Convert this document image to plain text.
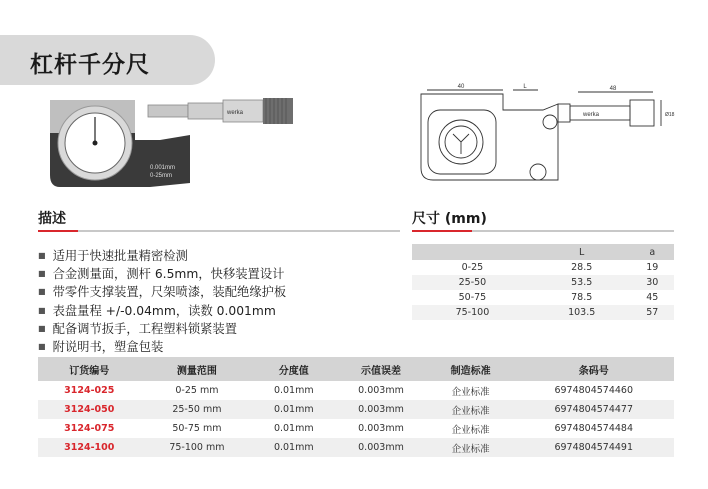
杠杆千分尺
werka
0.001mm
0-25mm
40	L	48
Ø18
werka
描述
■ 适用于快速批量精密检测
■ 合金测量面，测杆 6.5mm，快移装置设计
■ 带零件支撑装置，尺架喷漆，装配绝缘护板
■ 表盘量程 +/-0.04mm，读数 0.001mm
■ 配备调节扳手，工程塑料锁紧装置
■ 附说明书，塑盒包装
尺寸 (mm)
	L	a
0-25	28.5	19
25-50	53.5	30
50-75	78.5	45
75-100	103.5	57
订货编号	测量范围	分度值	示值误差	制造标准	条码号
3124-025	0-25 mm	0.01mm	0.003mm	企业标准	6974804574460
3124-050	25-50 mm	0.01mm	0.003mm	企业标准	6974804574477
3124-075	50-75 mm	0.01mm	0.003mm	企业标准	6974804574484
3124-100	75-100 mm	0.01mm	0.003mm	企业标准	6974804574491
